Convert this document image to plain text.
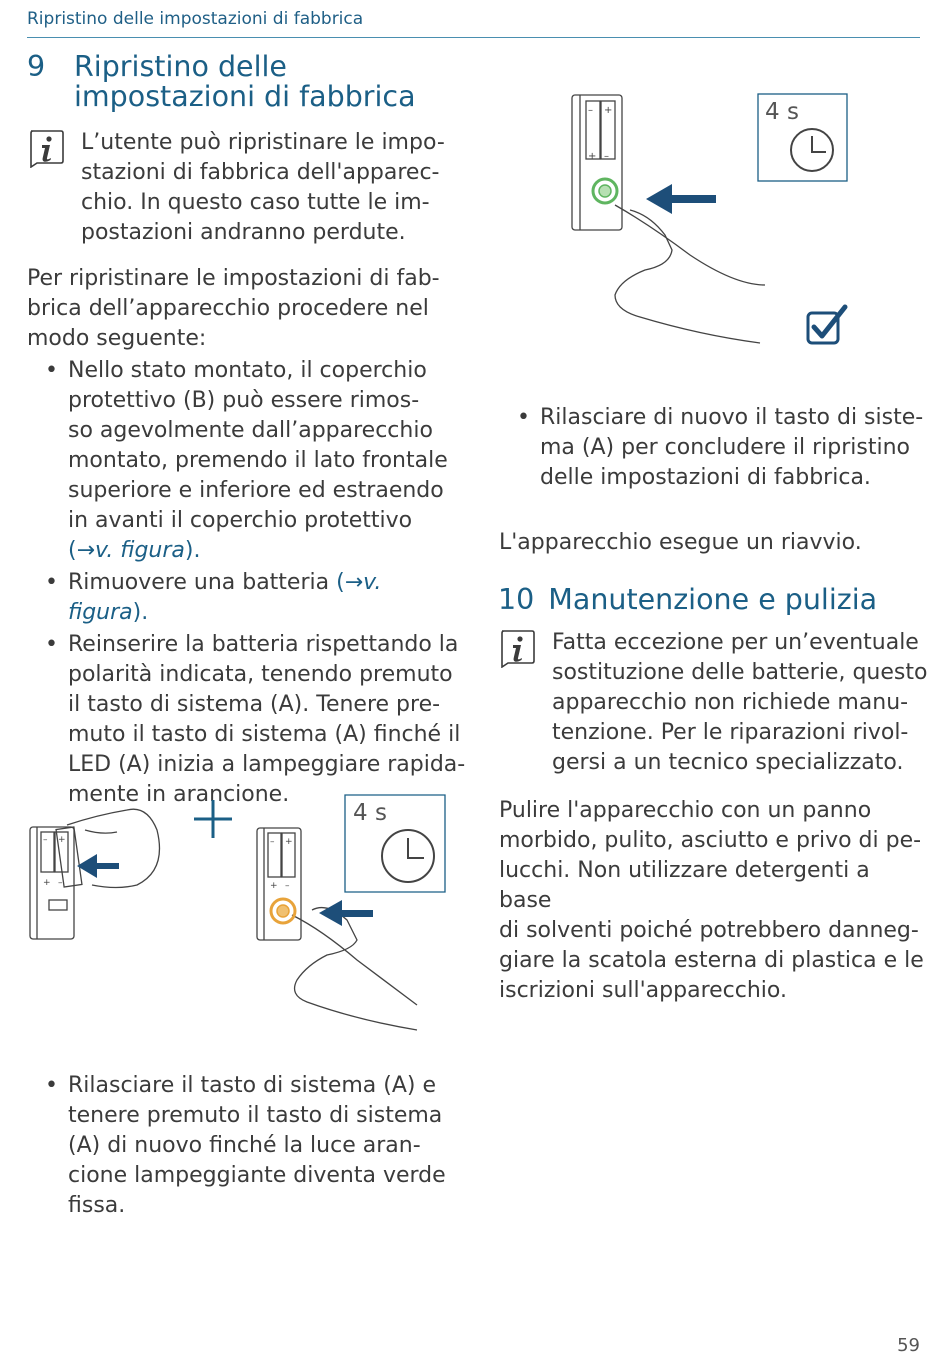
Ripristino delle impostazioni di fabbrica
9 Ripristino delle
impostazioni di fabbrica
L’utente può ripristinare le impo-
stazioni di fabbrica dell'apparec-
chio. In questo caso tutte le im-
postazioni andranno perdute.
Per ripristinare le impostazioni di fab-
brica dell’apparecchio procedere nel
modo seguente:
• Nello stato montato, il coperchio
protettivo (B) può essere rimos-
so agevolmente dall’apparecchio
montato, premendo il lato frontale
superiore e inferiore ed estraendo
in avanti il coperchio protettivo
(→v. figura).
• Rimuovere una batteria (→v. figura).
• Reinserire la batteria rispettando la
polarità indicata, tenendo premuto
il tasto di sistema (A). Tenere pre-
muto il tasto di sistema (A) finché il
LED (A) inizia a lampeggiare rapida-
mente in arancione.
– +
+ –
– +
+ –
4 s
• Rilasciare il tasto di sistema (A) e
tenere premuto il tasto di sistema
(A) di nuovo finché la luce aran-
cione lampeggiante diventa verde
fissa.
– +
+ –
4 s
• Rilasciare di nuovo il tasto di siste-
ma (A) per concludere il ripristino
delle impostazioni di fabbrica.
L'apparecchio esegue un riavvio.
10 Manutenzione e pulizia
Fatta eccezione per un’eventuale
sostituzione delle batterie, questo
apparecchio non richiede manu-
tenzione. Per le riparazioni rivol-
gersi a un tecnico specializzato.
Pulire l'apparecchio con un panno
morbido, pulito, asciutto e privo di pe-
lucchi. Non utilizzare detergenti a base
di solventi poiché potrebbero danneg-
giare la scatola esterna di plastica e le
iscrizioni sull'apparecchio.
59
